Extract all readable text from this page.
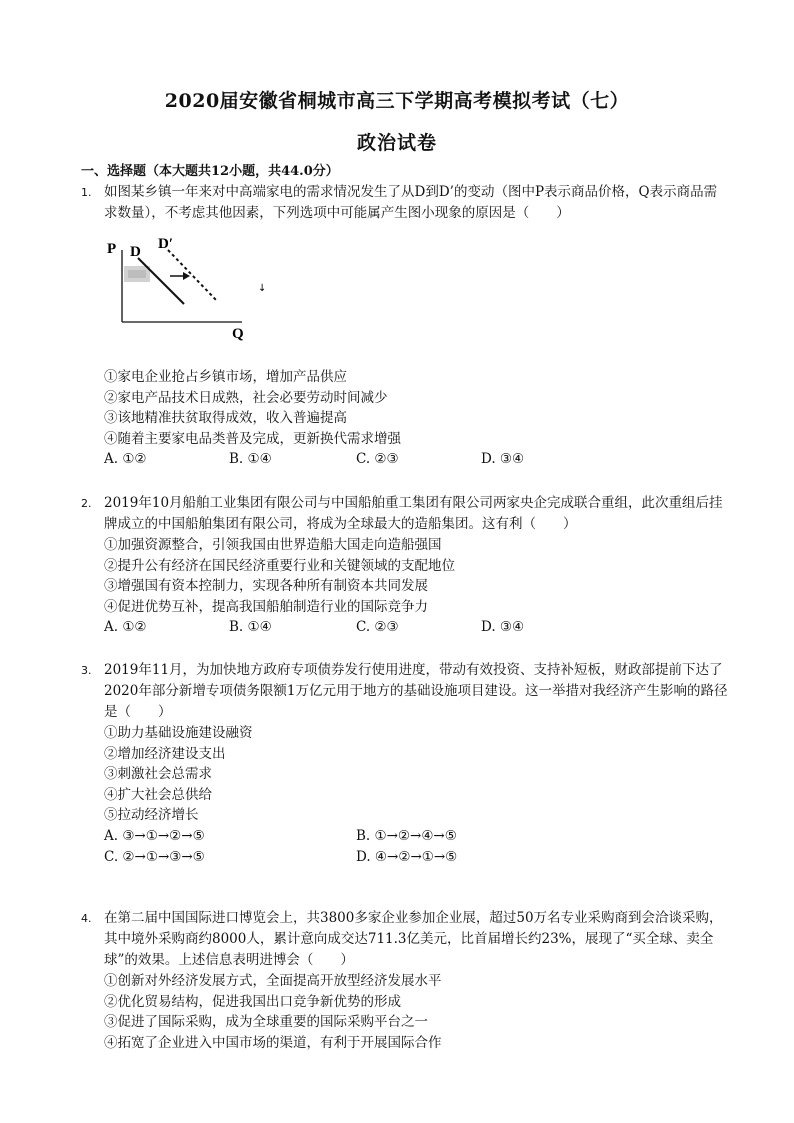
2020届安徽省桐城市高三下学期高考模拟考试（七）
政治试卷
一、选择题（本大题共12小题，共44.0分）
1. 如图某乡镇一年来对中高端家电的需求情况发生了从D到D’的变动（图中P表示商品价格，Q表示商品需求数量），不考虑其他因素，下列选项中可能属产生图小现象的原因是（　　）
P
Q
D D′
↓
①家电企业抢占乡镇市场，增加产品供应
②家电产品技术日成熟，社会必要劳动时间减少
③该地精准扶贫取得成效，收入普遍提高
④随着主要家电品类普及完成，更新换代需求增强
A. ①②	B. ①④	C. ②③	D. ③④
2. 2019年10月船舶工业集团有限公司与中国船舶重工集团有限公司两家央企完成联合重组，此次重组后挂牌成立的中国船舶集团有限公司，将成为全球最大的造船集团。这有利（　　）
①加强资源整合，引领我国由世界造船大国走向造船强国
②提升公有经济在国民经济重要行业和关键领域的支配地位
③增强国有资本控制力，实现各种所有制资本共同发展
④促进优势互补，提高我国船舶制造行业的国际竞争力
A. ①②	B. ①④	C. ②③	D. ③④
3. 2019年11月，为加快地方政府专项债券发行使用进度，带动有效投资、支持补短板，财政部提前下达了2020年部分新增专项债务限额1万亿元用于地方的基础设施项目建设。这一举措对我经济产生影响的路径是（　　）
①助力基础设施建设融资
②增加经济建设支出
③刺激社会总需求
④扩大社会总供给
⑤拉动经济增长
A. ③→①→②→⑤	B. ①→②→④→⑤
C. ②→①→③→⑤	D. ④→②→①→⑤
4. 在第二届中国国际进口博览会上，共3800多家企业参加企业展，超过50万名专业采购商到会洽谈采购，其中境外采购商约8000人，累计意向成交达711.3亿美元，比首届增长约23%，展现了“买全球、卖全球”的效果。上述信息表明进博会（　　）
①创新对外经济发展方式，全面提高开放型经济发展水平
②优化贸易结构，促进我国出口竞争新优势的形成
③促进了国际采购，成为全球重要的国际采购平台之一
④拓宽了企业进入中国市场的渠道，有利于开展国际合作
